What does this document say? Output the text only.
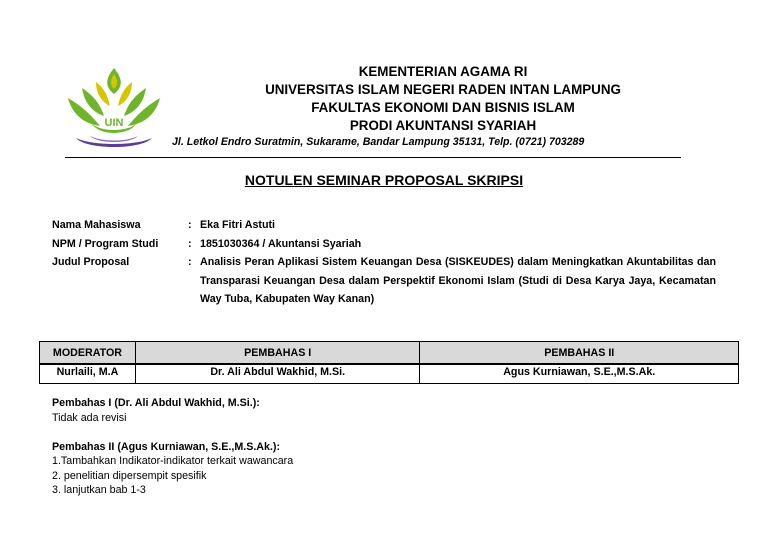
UIN
KEMENTERIAN AGAMA RI
UNIVERSITAS ISLAM NEGERI RADEN INTAN LAMPUNG
FAKULTAS EKONOMI DAN BISNIS ISLAM
PRODI AKUNTANSI SYARIAH
Jl. Letkol Endro Suratmin, Sukarame, Bandar Lampung 35131, Telp. (0721) 703289
NOTULEN SEMINAR PROPOSAL SKRIPSI
Nama Mahasiswa	: Eka Fitri Astuti
NPM / Program Studi	: 1851030364 / Akuntansi Syariah
Judul Proposal	: Analisis Peran Aplikasi Sistem Keuangan Desa (SISKEUDES) dalam Meningkatkan Akuntabilitas dan Transparasi Keuangan Desa dalam Perspektif Ekonomi Islam (Studi di Desa Karya Jaya, Kecamatan Way Tuba, Kabupaten Way Kanan)
MODERATOR	PEMBAHAS I	PEMBAHAS II
Nurlaili, M.A	Dr. Ali Abdul Wakhid, M.Si.	Agus Kurniawan, S.E.,M.S.Ak.
Pembahas I (Dr. Ali Abdul Wakhid, M.Si.):
Tidak ada revisi
Pembahas II (Agus Kurniawan, S.E.,M.S.Ak.):
1.Tambahkan Indikator-indikator terkait wawancara
2. penelitian dipersempit spesifik
3. lanjutkan bab 1-3
